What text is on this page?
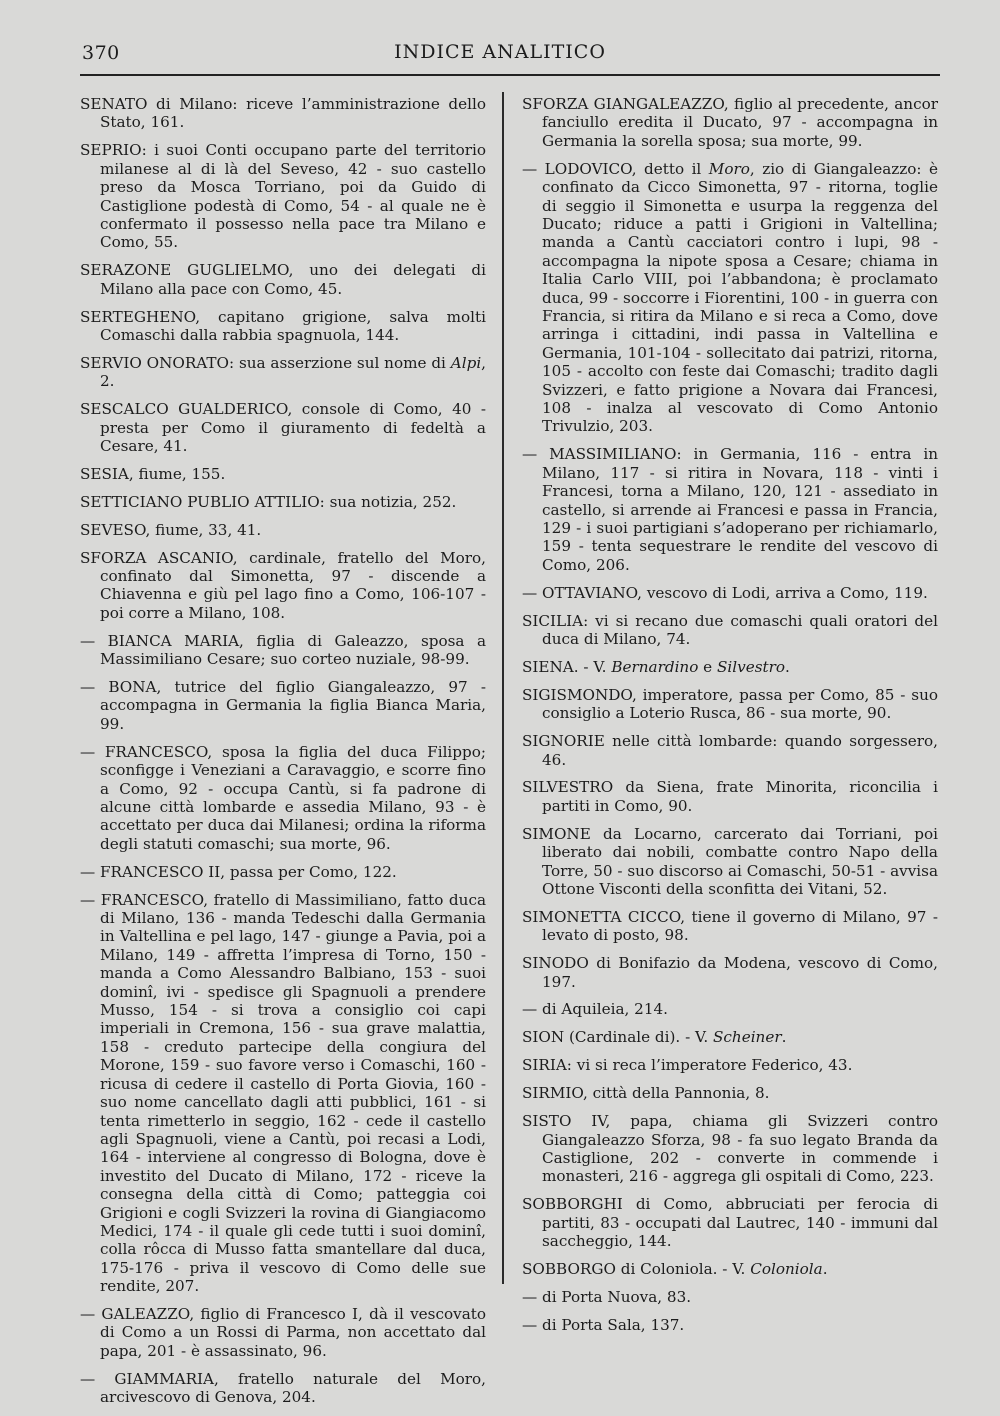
370	INDICE ANALITICO

SENATO di Milano: riceve l’amministrazione dello Stato, 161.

SEPRIO: i suoi Conti occupano parte del territorio milanese al di là del Seveso, 42 - suo castello preso da Mosca Torriano, poi da Guido di Castiglione podestà di Como, 54 - al quale ne è confermato il possesso nella pace tra Milano e Como, 55.

SERAZONE GUGLIELMO, uno dei delegati di Milano alla pace con Como, 45.

SERTEGHENO, capitano grigione, salva molti Comaschi dalla rabbia spagnuola, 144.

SERVIO ONORATO: sua asserzione sul nome di Alpi, 2.

SESCALCO GUALDERICO, console di Como, 40 - presta per Como il giuramento di fedeltà a Cesare, 41.

SESIA, fiume, 155.

SETTICIANO PUBLIO ATTILIO: sua notizia, 252.

SEVESO, fiume, 33, 41.

SFORZA ASCANIO, cardinale, fratello del Moro, confinato dal Simonetta, 97 - discende a Chiavenna e giù pel lago fino a Como, 106-107 - poi corre a Milano, 108.

— BIANCA MARIA, figlia di Galeazzo, sposa a Massimiliano Cesare; suo corteo nuziale, 98-99.

— BONA, tutrice del figlio Giangaleazzo, 97 - accompagna in Germania la figlia Bianca Maria, 99.

— FRANCESCO, sposa la figlia del duca Filippo; sconfigge i Veneziani a Caravaggio, e scorre fino a Como, 92 - occupa Cantù, si fa padrone di alcune città lombarde e assedia Milano, 93 - è accettato per duca dai Milanesi; ordina la riforma degli statuti comaschi; sua morte, 96.

— FRANCESCO II, passa per Como, 122.

— FRANCESCO, fratello di Massimiliano, fatto duca di Milano, 136 - manda Tedeschi dalla Germania in Valtellina e pel lago, 147 - giunge a Pavia, poi a Milano, 149 - affretta l’impresa di Torno, 150 - manda a Como Alessandro Balbiano, 153 - suoi dominî, ivi - spedisce gli Spagnuoli a prendere Musso, 154 - si trova a consiglio coi capi imperiali in Cremona, 156 - sua grave malattia, 158 - creduto partecipe della congiura del Morone, 159 - suo favore verso i Comaschi, 160 - ricusa di cedere il castello di Porta Giovia, 160 - suo nome cancellato dagli atti pubblici, 161 - si tenta rimetterlo in seggio, 162 - cede il castello agli Spagnuoli, viene a Cantù, poi recasi a Lodi, 164 - interviene al congresso di Bologna, dove è investito del Ducato di Milano, 172 - riceve la consegna della città di Como; patteggia coi Grigioni e cogli Svizzeri la rovina di Giangiacomo Medici, 174 - il quale gli cede tutti i suoi dominî, colla rôcca di Musso fatta smantellare dal duca, 175-176 - priva il vescovo di Como delle sue rendite, 207.

— GALEAZZO, figlio di Francesco I, dà il vescovato di Como a un Rossi di Parma, non accettato dal papa, 201 - è assassinato, 96.

— GIAMMARIA, fratello naturale del Moro, arcivescovo di Genova, 204.

SFORZA GIANGALEAZZO, figlio al precedente, ancor fanciullo eredita il Ducato, 97 - accompagna in Germania la sorella sposa; sua morte, 99.

— LODOVICO, detto il Moro, zio di Giangaleazzo: è confinato da Cicco Simonetta, 97 - ritorna, toglie di seggio il Simonetta e usurpa la reggenza del Ducato; riduce a patti i Grigioni in Valtellina; manda a Cantù cacciatori contro i lupi, 98 - accompagna la nipote sposa a Cesare; chiama in Italia Carlo VIII, poi l’abbandona; è proclamato duca, 99 - soccorre i Fiorentini, 100 - in guerra con Francia, si ritira da Milano e si reca a Como, dove arringa i cittadini, indi passa in Valtellina e Germania, 101-104 - sollecitato dai patrizi, ritorna, 105 - accolto con feste dai Comaschi; tradito dagli Svizzeri, e fatto prigione a Novara dai Francesi, 108 - inalza al vescovato di Como Antonio Trivulzio, 203.

— MASSIMILIANO: in Germania, 116 - entra in Milano, 117 - si ritira in Novara, 118 - vinti i Francesi, torna a Milano, 120, 121 - assediato in castello, si arrende ai Francesi e passa in Francia, 129 - i suoi partigiani s’adoperano per richiamarlo, 159 - tenta sequestrare le rendite del vescovo di Como, 206.

— OTTAVIANO, vescovo di Lodi, arriva a Como, 119.

SICILIA: vi si recano due comaschi quali oratori del duca di Milano, 74.

SIENA. - V. Bernardino e Silvestro.

SIGISMONDO, imperatore, passa per Como, 85 - suo consiglio a Loterio Rusca, 86 - sua morte, 90.

SIGNORIE nelle città lombarde: quando sorgessero, 46.

SILVESTRO da Siena, frate Minorita, riconcilia i partiti in Como, 90.

SIMONE da Locarno, carcerato dai Torriani, poi liberato dai nobili, combatte contro Napo della Torre, 50 - suo discorso ai Comaschi, 50-51 - avvisa Ottone Visconti della sconfitta dei Vitani, 52.

SIMONETTA CICCO, tiene il governo di Milano, 97 - levato di posto, 98.

SINODO di Bonifazio da Modena, vescovo di Como, 197.

— di Aquileia, 214.

SION (Cardinale di). - V. Scheiner.

SIRIA: vi si reca l’imperatore Federico, 43.

SIRMIO, città della Pannonia, 8.

SISTO IV, papa, chiama gli Svizzeri contro Giangaleazzo Sforza, 98 - fa suo legato Branda da Castiglione, 202 - converte in commende i monasteri, 216 - aggrega gli ospitali di Como, 223.

SOBBORGHI di Como, abbruciati per ferocia di partiti, 83 - occupati dal Lautrec, 140 - immuni dal saccheggio, 144.

SOBBORGO di Coloniola. - V. Coloniola.

— di Porta Nuova, 83.

— di Porta Sala, 137.
